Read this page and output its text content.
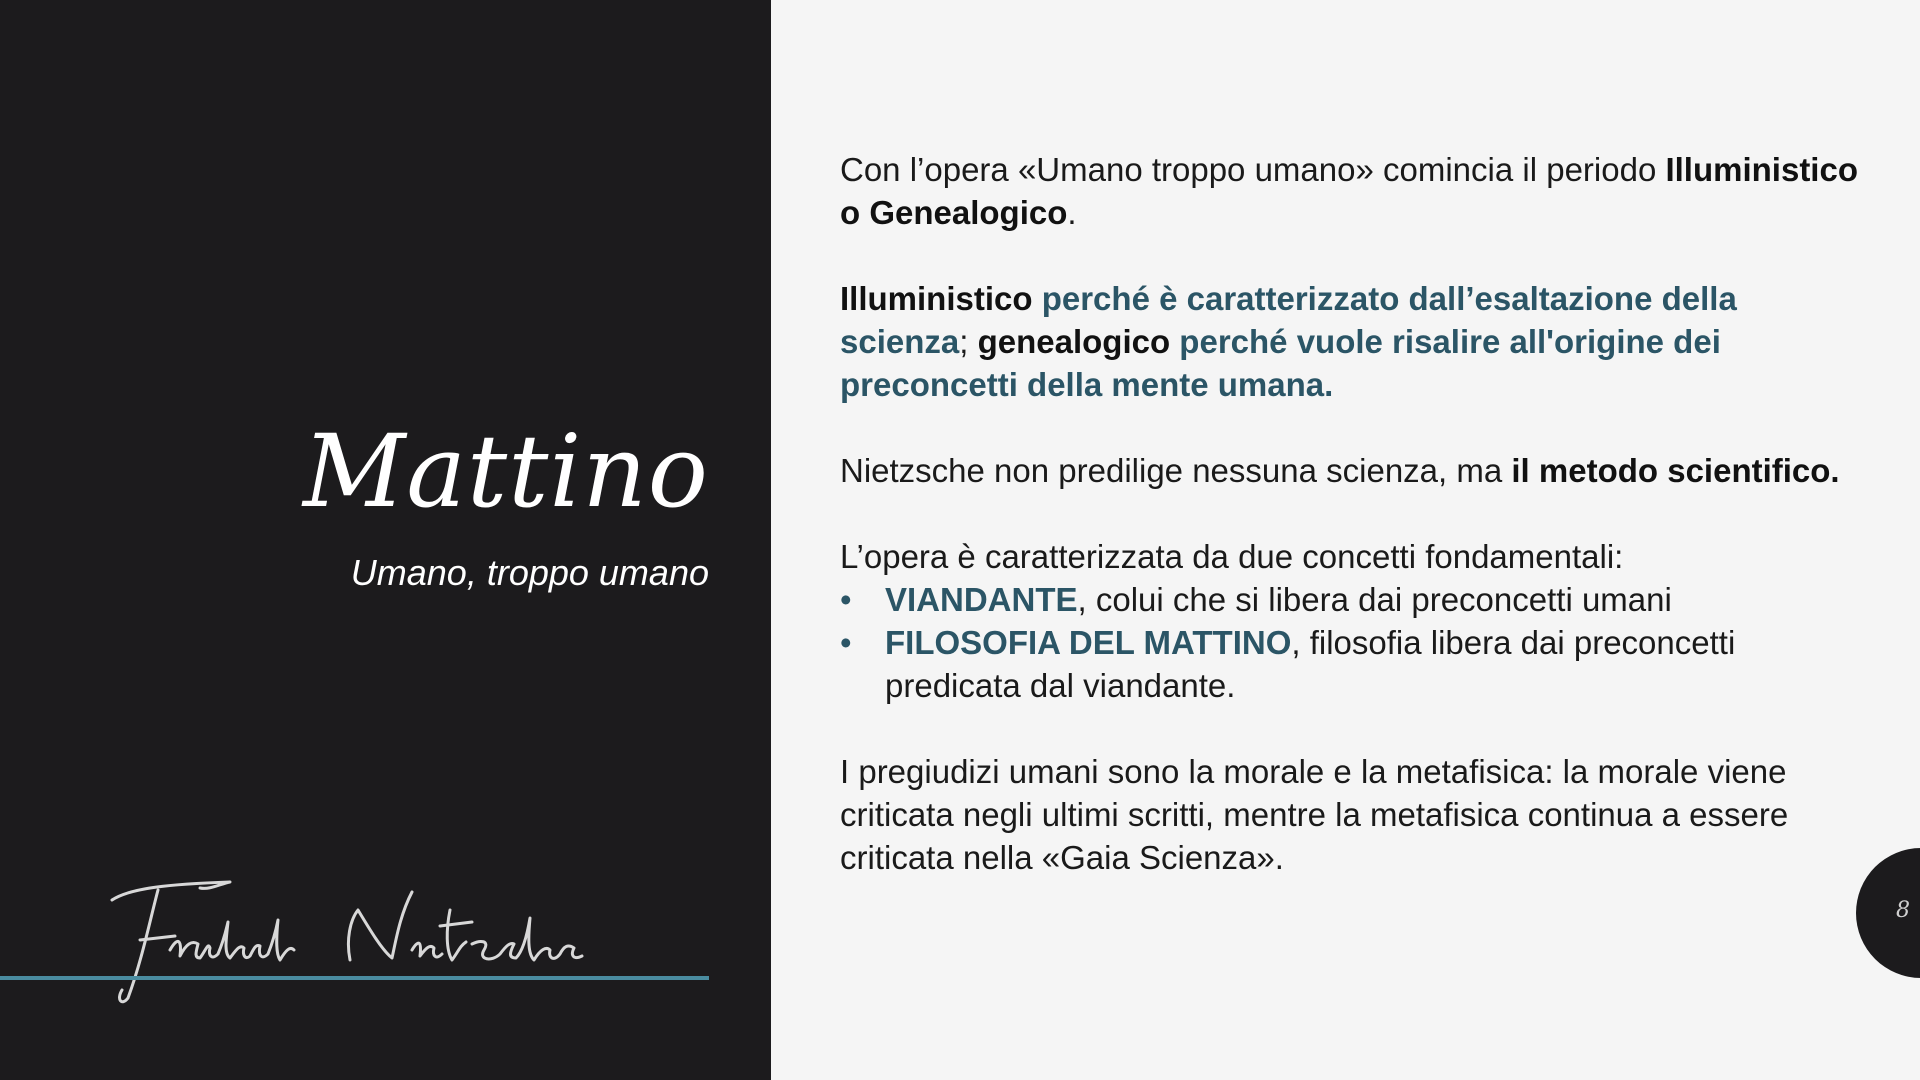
Mattino
Umano, troppo umano

Con l’opera «Umano troppo umano» comincia il periodo Illuministico o Genealogico.

Illuministico perché è caratterizzato dall’esaltazione della scienza; genealogico perché vuole risalire all'origine dei preconcetti della mente umana.

Nietzsche non predilige nessuna scienza, ma il metodo scientifico.

L’opera è caratterizzata da due concetti fondamentali:
• VIANDANTE, colui che si libera dai preconcetti umani
• FILOSOFIA DEL MATTINO, filosofia libera dai preconcetti predicata dal viandante.

I pregiudizi umani sono la morale e la metafisica: la morale viene criticata negli ultimi scritti, mentre la metafisica continua a essere criticata nella «Gaia Scienza».

8
